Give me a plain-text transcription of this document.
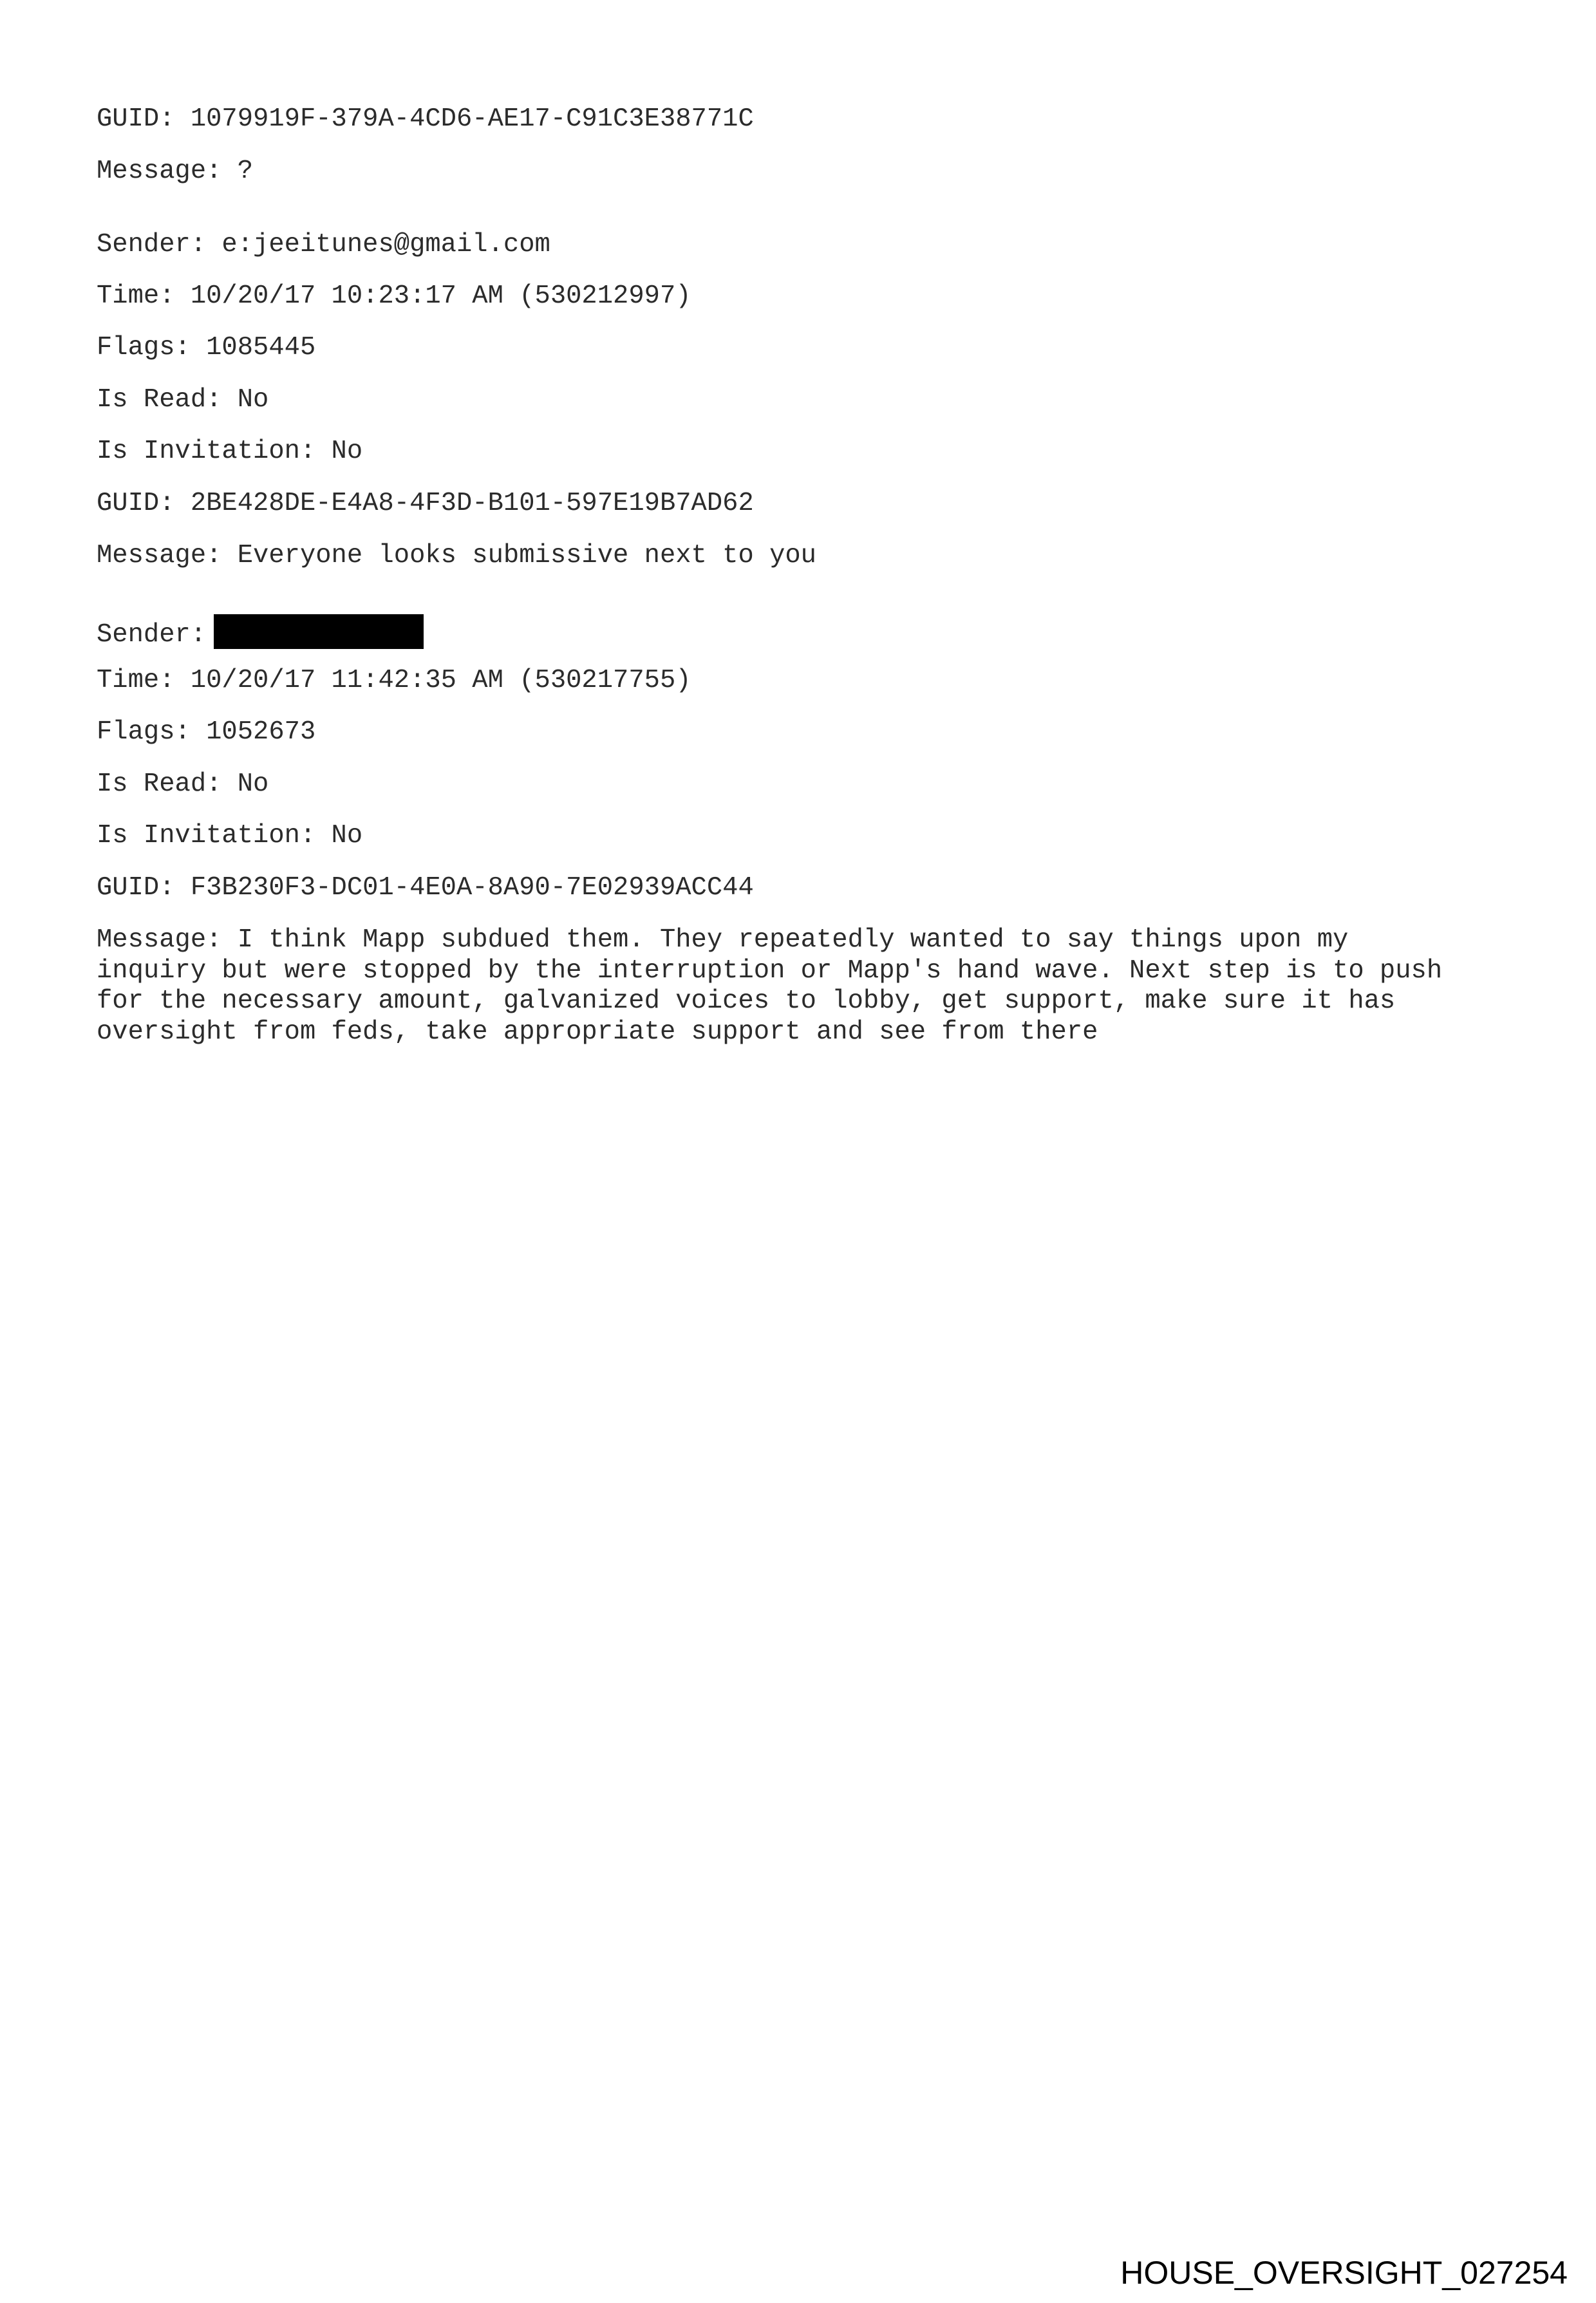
GUID: 1079919F-379A-4CD6-AE17-C91C3E38771C
Message: ?
Sender: e:jeeitunes@gmail.com
Time: 10/20/17 10:23:17 AM (530212997)
Flags: 1085445
Is Read: No
Is Invitation: No
GUID: 2BE428DE-E4A8-4F3D-B101-597E19B7AD62
Message: Everyone looks submissive next to you
Sender:
Time: 10/20/17 11:42:35 AM (530217755)
Flags: 1052673
Is Read: No
Is Invitation: No
GUID: F3B230F3-DC01-4E0A-8A90-7E02939ACC44
Message: I think Mapp subdued them. They repeatedly wanted to say things upon my
inquiry but were stopped by the interruption or Mapp's hand wave. Next step is to push
for the necessary amount, galvanized voices to lobby, get support, make sure it has
oversight from feds, take appropriate support and see from there
HOUSE_OVERSIGHT_027254
